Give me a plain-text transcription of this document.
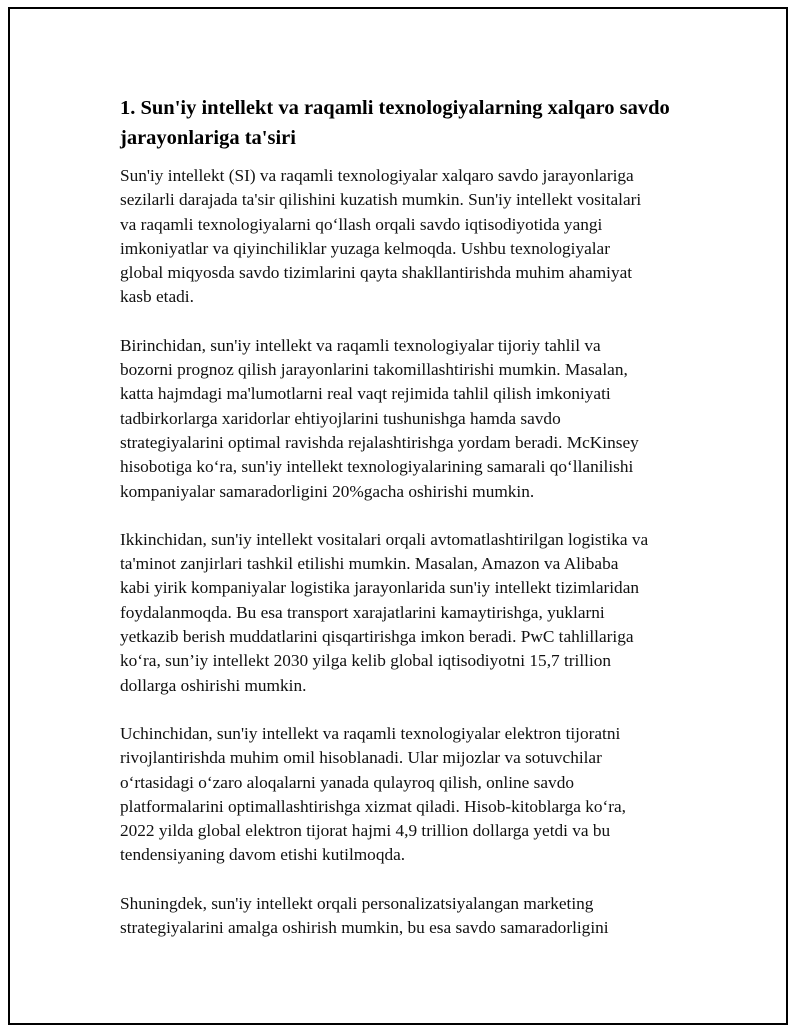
1. Sun'iy intellekt va raqamli texnologiyalarning xalqaro savdo
jarayonlariga ta'siri

Sun'iy intellekt (SI) va raqamli texnologiyalar xalqaro savdo jarayonlariga
sezilarli darajada ta'sir qilishini kuzatish mumkin. Sun'iy intellekt vositalari
va raqamli texnologiyalarni qo‘llash orqali savdo iqtisodiyotida yangi
imkoniyatlar va qiyinchiliklar yuzaga kelmoqda. Ushbu texnologiyalar
global miqyosda savdo tizimlarini qayta shakllantirishda muhim ahamiyat
kasb etadi.

Birinchidan, sun'iy intellekt va raqamli texnologiyalar tijoriy tahlil va
bozorni prognoz qilish jarayonlarini takomillashtirishi mumkin. Masalan,
katta hajmdagi ma'lumotlarni real vaqt rejimida tahlil qilish imkoniyati
tadbirkorlarga xaridorlar ehtiyojlarini tushunishga hamda savdo
strategiyalarini optimal ravishda rejalashtirishga yordam beradi. McKinsey
hisobotiga ko‘ra, sun'iy intellekt texnologiyalarining samarali qo‘llanilishi
kompaniyalar samaradorligini 20%gacha oshirishi mumkin.

Ikkinchidan, sun'iy intellekt vositalari orqali avtomatlashtirilgan logistika va
ta'minot zanjirlari tashkil etilishi mumkin. Masalan, Amazon va Alibaba
kabi yirik kompaniyalar logistika jarayonlarida sun'iy intellekt tizimlaridan
foydalanmoqda. Bu esa transport xarajatlarini kamaytirishga, yuklarni
yetkazib berish muddatlarini qisqartirishga imkon beradi. PwC tahlillariga
ko‘ra, sun’iy intellekt 2030 yilga kelib global iqtisodiyotni 15,7 trillion
dollarga oshirishi mumkin.

Uchinchidan, sun'iy intellekt va raqamli texnologiyalar elektron tijoratni
rivojlantirishda muhim omil hisoblanadi. Ular mijozlar va sotuvchilar
o‘rtasidagi o‘zaro aloqalarni yanada qulayroq qilish, online savdo
platformalarini optimallashtirishga xizmat qiladi. Hisob-kitoblarga ko‘ra,
2022 yilda global elektron tijorat hajmi 4,9 trillion dollarga yetdi va bu
tendensiyaning davom etishi kutilmoqda.

Shuningdek, sun'iy intellekt orqali personalizatsiyalangan marketing
strategiyalarini amalga oshirish mumkin, bu esa savdo samaradorligini
